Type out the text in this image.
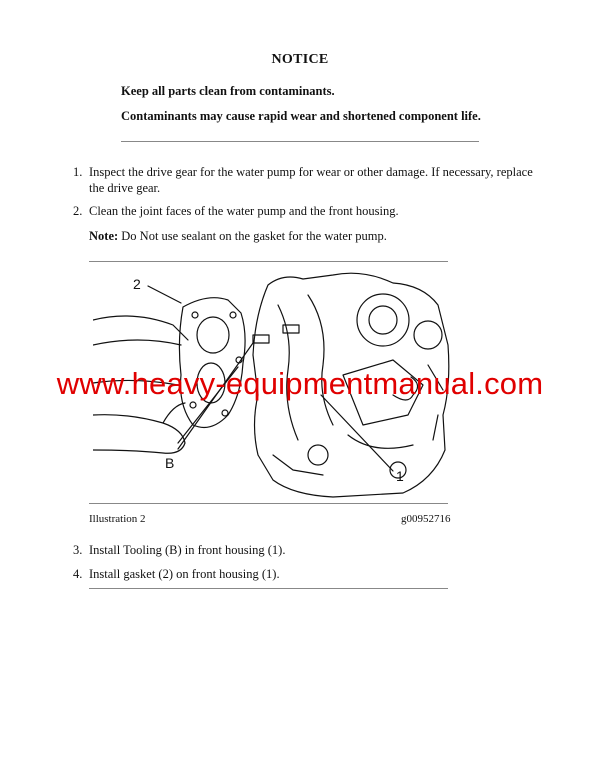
NOTICE
Keep all parts clean from contaminants.
Contaminants may cause rapid wear and shortened component life.
1. Inspect the drive gear for the water pump for wear or other damage. If necessary, replace the drive gear.
2. Clean the joint faces of the water pump and the front housing.
Note: Do Not use sealant on the gasket for the water pump.
2
B
1
www.heavy-equipmentmanual.com
Illustration 2	g00952716
3. Install Tooling (B) in front housing (1).
4. Install gasket (2) on front housing (1).
